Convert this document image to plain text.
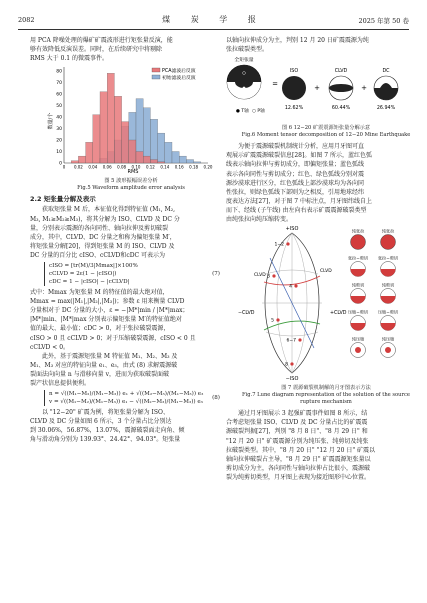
2082	煤 炭 学 报	2025 年第 50 卷

用 PCA 降噪处理的爆矿矿震波形进行矩张量反演，能

够有效降低反演误差。同时，在后续研究中将剔除

RMS 大于 0.1 的微震事件。

数量/个
RMS
0
10
20
30
40
50
60
70
80
0 0.02 0.04 0.06 0.08 0.10 0.12 0.14 0.16 0.18 0.20
PCA滤波后反演
初始滤波后反演

图 5 波形振幅误差分析

Fig.5 Waveform amplitude error analysis

2.2 矩张量分解及表示

获取矩张量 M 后，本征值化得到特征值 (M₁, M₂,

M₃, M₁≥M₂≥M₃)，将其分解为 ISO、CLVD 及 DC 分

量，分别表示震源的各向同性、轴向拉伸及剪切破裂

成分，其中，CLVD、DC 分量之和称为偏矩张量 M′，

将矩张量分解[20]，得到矩张量 M 的 ISO、CLVD 及

DC 分量的百分比 cISO、cCLVD和cDC 可表示为

cISO = [tr(M)/3|Mmax|]×100%
cCLVD = 2ε(1 − |cISO|)
cDC = 1 − |cISO| − |cCLVD|
(7)

式中：Mmax 为矩张量 M 的特征值的最大绝对值，

Mmax = max(|M₁|,|M₂|,|M₃|)；参数 ε 用来衡量 CLVD

分量相对于 DC 分量的大小，ε = −|M*|min / |M*|max；

|M*|min、|M*|max 分别表示偏矩张量 M′的特征值绝对

值的最大、最小值；cDC > 0，对于张拉破裂震源，

cISO > 0 且 cCLVD > 0；对于压缩破裂震源，cISO < 0 且

cCLVD < 0。

此外，基于震源矩张量 M 特征值 M₁、M₂、M₃ 及

M₁、M₃ 对应的特征向量 e₁、e₃，由式 (8) 求解震源破

裂面法向向量 n 与滑移向量 v，进而为获取破裂面破

裂产状信息提供便利。

n = √((M₁−M₂)/(M₁−M₃)) e₁ + √((M₂−M₃)/(M₁−M₃)) e₃
v = √((M₁−M₂)/(M₁−M₃)) e₁ − √((M₂−M₃)/(M₁−M₃)) e₃
(8)

以 "12−20" 矿震为例，将矩张量分解为 ISO、

CLVD 及 DC 分量如图 6 所示，3 个分量占比分别达

到 30.06%，56.87%，13.07%，震源破裂面走向角、倾

角与滑动角分别为 139.93°、24.42°、94.03°。矩张量

以轴向拉伸成分为主，判别 12 月 20 日矿震震源为纯

张拉破裂类型。

全矩张量
ISO	CLVD	DC
● T轴 ○ P轴
=	+	+
12.62%	60.44%	26.94%

图 6 12−20 矿震震源矩张量分解示意

Fig.6 Moment tensor decomposition of 12−20 Mine Earthquake

为便于震源破裂机制统计分析，应用月牙图可直

观展示矿震震源破裂信息[28]。如图 7 所示，蓝红色弧

线表示轴向拉伸与剪切成分，即偏矩张量；蓝色弧线

表示各向同性与剪切成分；红色、绿色弧线分别对震

源沙漠球进行区分，红色弧线上部沙漠球均为各向同

性张拉，则绿色弧线下部则为之相反，引用地球经纬

度表达方法[27]，对于图 7 中标注点，月牙图纬线自上

而下、经线 (子午线) 由左向右表示矿震震源破裂类型

由纯张拉向纯压缩转变。

+ISO
−ISO
−CLVD	+CLVD
CLVD
CLVD
1−2
3
4
5
6−7
8
纯张拉	纯张拉
张拉−剪切 张拉−剪切
纯剪切	纯剪切
压缩−剪切 压缩−剪切
纯压缩	纯压缩

图 7 震源破裂机制解的月牙图表示方法

Fig.7 Lune diagram representation of the solution of the source

rupture mechanism

通过月牙图展示 3 起强矿震事件如图 8 所示，结

合考虑矩张量 ISO、CLVD 及 DC 分量占比的矿震震

源破裂判据[27]，判别 "8 月 8 日"、"8 月 29 日" 和

"12 月 20 日" 矿震震源分别为纯压张、纯剪切及纯张

拉破裂类型。其中，"8 月 20 日" "12 月 20 日" 矿震以

轴向拉伸破裂占主导，"8 月 29 日" 矿震震源矩张量以

剪切成分为主，各向同性与轴向拉伸占比很小，震源破

裂为纯剪切类型，月牙图上表现为接近图形中心位置。
